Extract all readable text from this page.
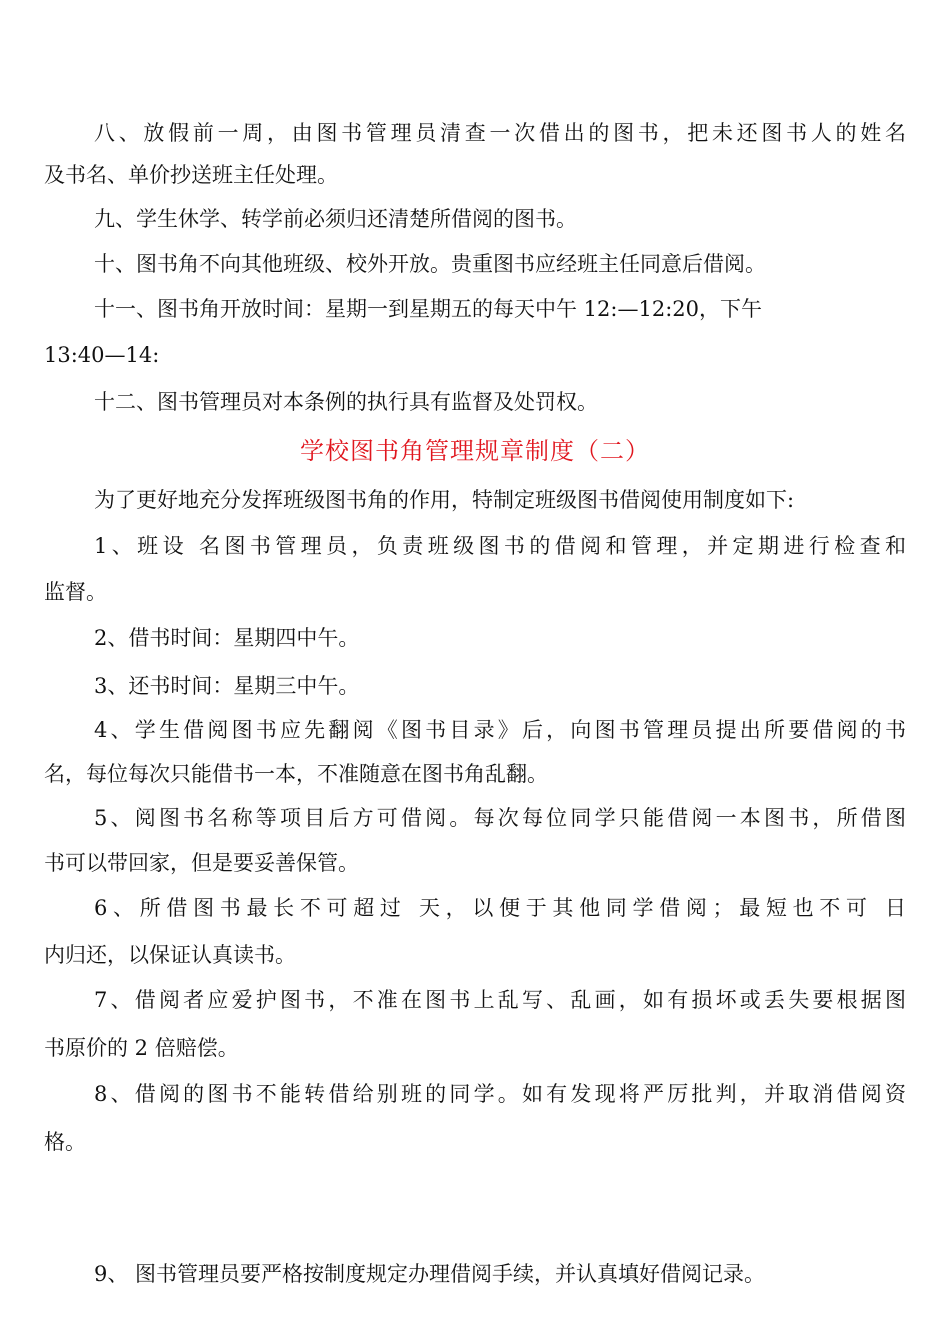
八、放假前一周，由图书管理员清查一次借出的图书，把未还图书人的姓名
及书名、单价抄送班主任处理。
九、学生休学、转学前必须归还清楚所借阅的图书。
十、图书角不向其他班级、校外开放。贵重图书应经班主任同意后借阅。
十一、图书角开放时间：星期一到星期五的每天中午 12:—12:20，下午
13:40—14:
十二、图书管理员对本条例的执行具有监督及处罚权。
学校图书角管理规章制度（二）
为了更好地充分发挥班级图书角的作用，特制定班级图书借阅使用制度如下:
1、班设 名图书管理员，负责班级图书的借阅和管理，并定期进行检查和
监督。
2、借书时间：星期四中午。
3、还书时间：星期三中午。
4、学生借阅图书应先翻阅《图书目录》后，向图书管理员提出所要借阅的书
名，每位每次只能借书一本，不准随意在图书角乱翻。
5、阅图书名称等项目后方可借阅。每次每位同学只能借阅一本图书，所借图
书可以带回家，但是要妥善保管。
6、所借图书最长不可超过 天，以便于其他同学借阅；最短也不可 日
内归还，以保证认真读书。
7、借阅者应爱护图书，不准在图书上乱写、乱画，如有损坏或丢失要根据图
书原价的 2 倍赔偿。
8、借阅的图书不能转借给别班的同学。如有发现将严厉批判，并取消借阅资
格。
9、 图书管理员要严格按制度规定办理借阅手续，并认真填好借阅记录。
